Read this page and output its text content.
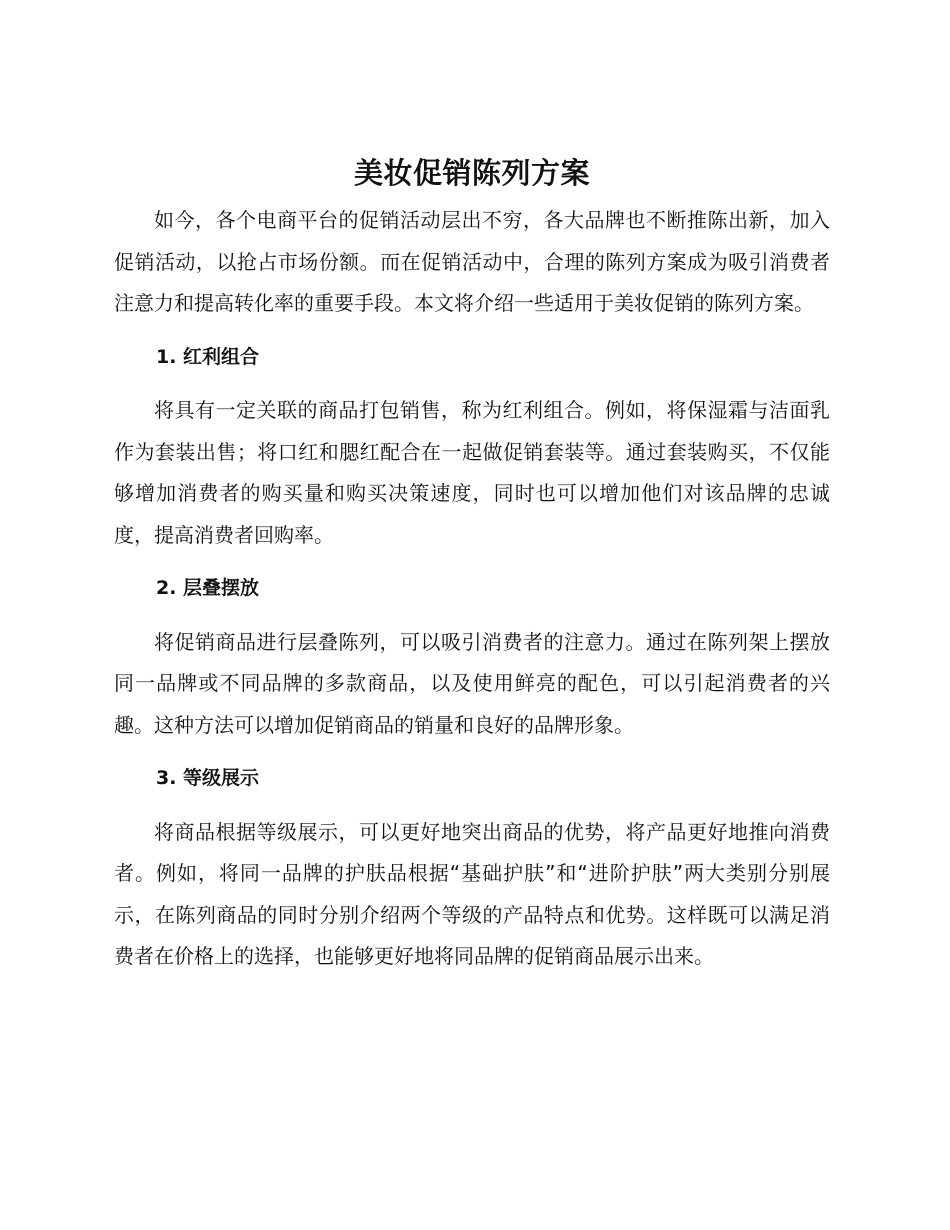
美妆促销陈列方案

如今，各个电商平台的促销活动层出不穷，各大品牌也不断推陈出新，加入促销活动，以抢占市场份额。而在促销活动中，合理的陈列方案成为吸引消费者注意力和提高转化率的重要手段。本文将介绍一些适用于美妆促销的陈列方案。

1. 红利组合

将具有一定关联的商品打包销售，称为红利组合。例如，将保湿霜与洁面乳作为套装出售；将口红和腮红配合在一起做促销套装等。通过套装购买，不仅能够增加消费者的购买量和购买决策速度，同时也可以增加他们对该品牌的忠诚度，提高消费者回购率。

2. 层叠摆放

将促销商品进行层叠陈列，可以吸引消费者的注意力。通过在陈列架上摆放同一品牌或不同品牌的多款商品，以及使用鲜亮的配色，可以引起消费者的兴趣。这种方法可以增加促销商品的销量和良好的品牌形象。

3. 等级展示

将商品根据等级展示，可以更好地突出商品的优势，将产品更好地推向消费者。例如，将同一品牌的护肤品根据“基础护肤”和“进阶护肤”两大类别分别展示，在陈列商品的同时分别介绍两个等级的产品特点和优势。这样既可以满足消费者在价格上的选择，也能够更好地将同品牌的促销商品展示出来。
